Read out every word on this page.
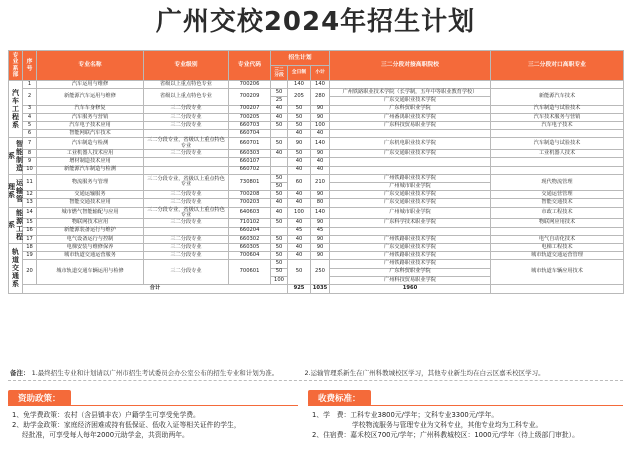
广州交校2024年招生计划
专业系部	序号	专业名称	专业级别	专业代码	招生计划			三二分段对接高职院校	三二分段对口高职专业	
					三二分段	全日制	小计			
汽车工程系	1	汽车运用与维修	省级以上重点特色专业	700206		140	140			
	2	新能源汽车运用与维修	省级以上重点特色专业	700209	50	205	280	广州铁路职业技术学院（长学制，五年中等职业教育学校）	新能源汽车技术	
					25			广东交通职业技术学院		
	3	汽车车身修复	三二分段专业	700207	40	50	90	广东科贸职业学院	汽车制造与试验技术	
	4	汽车服务与营销	三二分段专业	700205	40	50	90	广州番禺职业技术学院	汽车技术服务与营销	
	5	汽车电子技术应用	三二分段专业	660703	50	50	100	广东科技贸易职业学院	汽车电子技术	
	6	智能网联汽车技术		660704		40	40			
智能制造系	7	汽车制造与检测	三二分段专业，省级以上重点特色专业	660701	50	90	140	广东机电职业技术学院	汽车制造与试验技术	
	8	工业机器人技术应用	三二分段专业	660303	40	50	90	广东交通职业技术学院	工业机器人技术	
	9	增材制造技术应用		660107		40	40			
	10	新能源汽车制造与检测		660702		40	40			
运输管理系	11	物流服务与管理	三二分段专业，省级以上重点特色专业	730801	50	60	210	广州铁路职业技术学院	现代物流管理	
					50			广州城市职业学院		
	12	交通运输服务	三二分段专业	700208	50	40	90	广东交通职业技术学院	交通运营管理	
	13	智能交通技术应用	三二分段专业	700203	40	40	80	广东交通职业技术学院	智能交通技术	
能源工程系	14	城市燃气智能输配与应用	三二分段专业，省级以上重点特色专业	640603	40	100	140	广州城市职业学院	市政工程技术	
	15	物联网技术应用	三二分段专业	710102	50	40	90	广东科学技术职业学院	物联网应用技术	
	16	新能源装备运行与维护		660204		45	45			
	17	电气设备运行与控制	三二分段专业	660302	50	40	90	广州铁路职业技术学院	电气自动化技术	
轨道交通系	18	电梯安装与维修保养	三二分段专业	660305	50	40	90	广东交通职业技术学院	电梯工程技术	
	19	城市轨道交通运营服务	三二分段专业	700604	50	40	90	广州铁路职业技术学院	城市轨道交通运营管理	
	20	城市轨道交通车辆运用与检修	三二分段专业	700601	50	50	250	广州铁路职业技术学院	城市轨道车辆应用技术	
					50			广东科贸职业学院		
					100			广州科技贸易职业学院		
	合计					925	1035	1960		
备注： 1.最终招生专业和计划请以广州市招生考试委员会办公室公布的招生专业和计划为准。	2.运输管理系新生在广州科教城校区学习，其他专业新生均在白云区嘉禾校区学习。
资助政策：

1、免学费政策：农村（含县镇非农）户籍学生可享受免学费。

2、助学金政策：家庭经济困难或持有低保证、低收入证等相关证件的学生，

经批准，可享受每人每年2000元助学金，共资助两年。

收费标准：

1、学　费：工科专业3800元/学年；文科专业3300元/学年。

学校物流服务与管理专业为文科专业，其他专业均为工科专业。

2、住宿费：嘉禾校区700元/学年；广州科教城校区：1000元/学年（待上级部门审批）。
